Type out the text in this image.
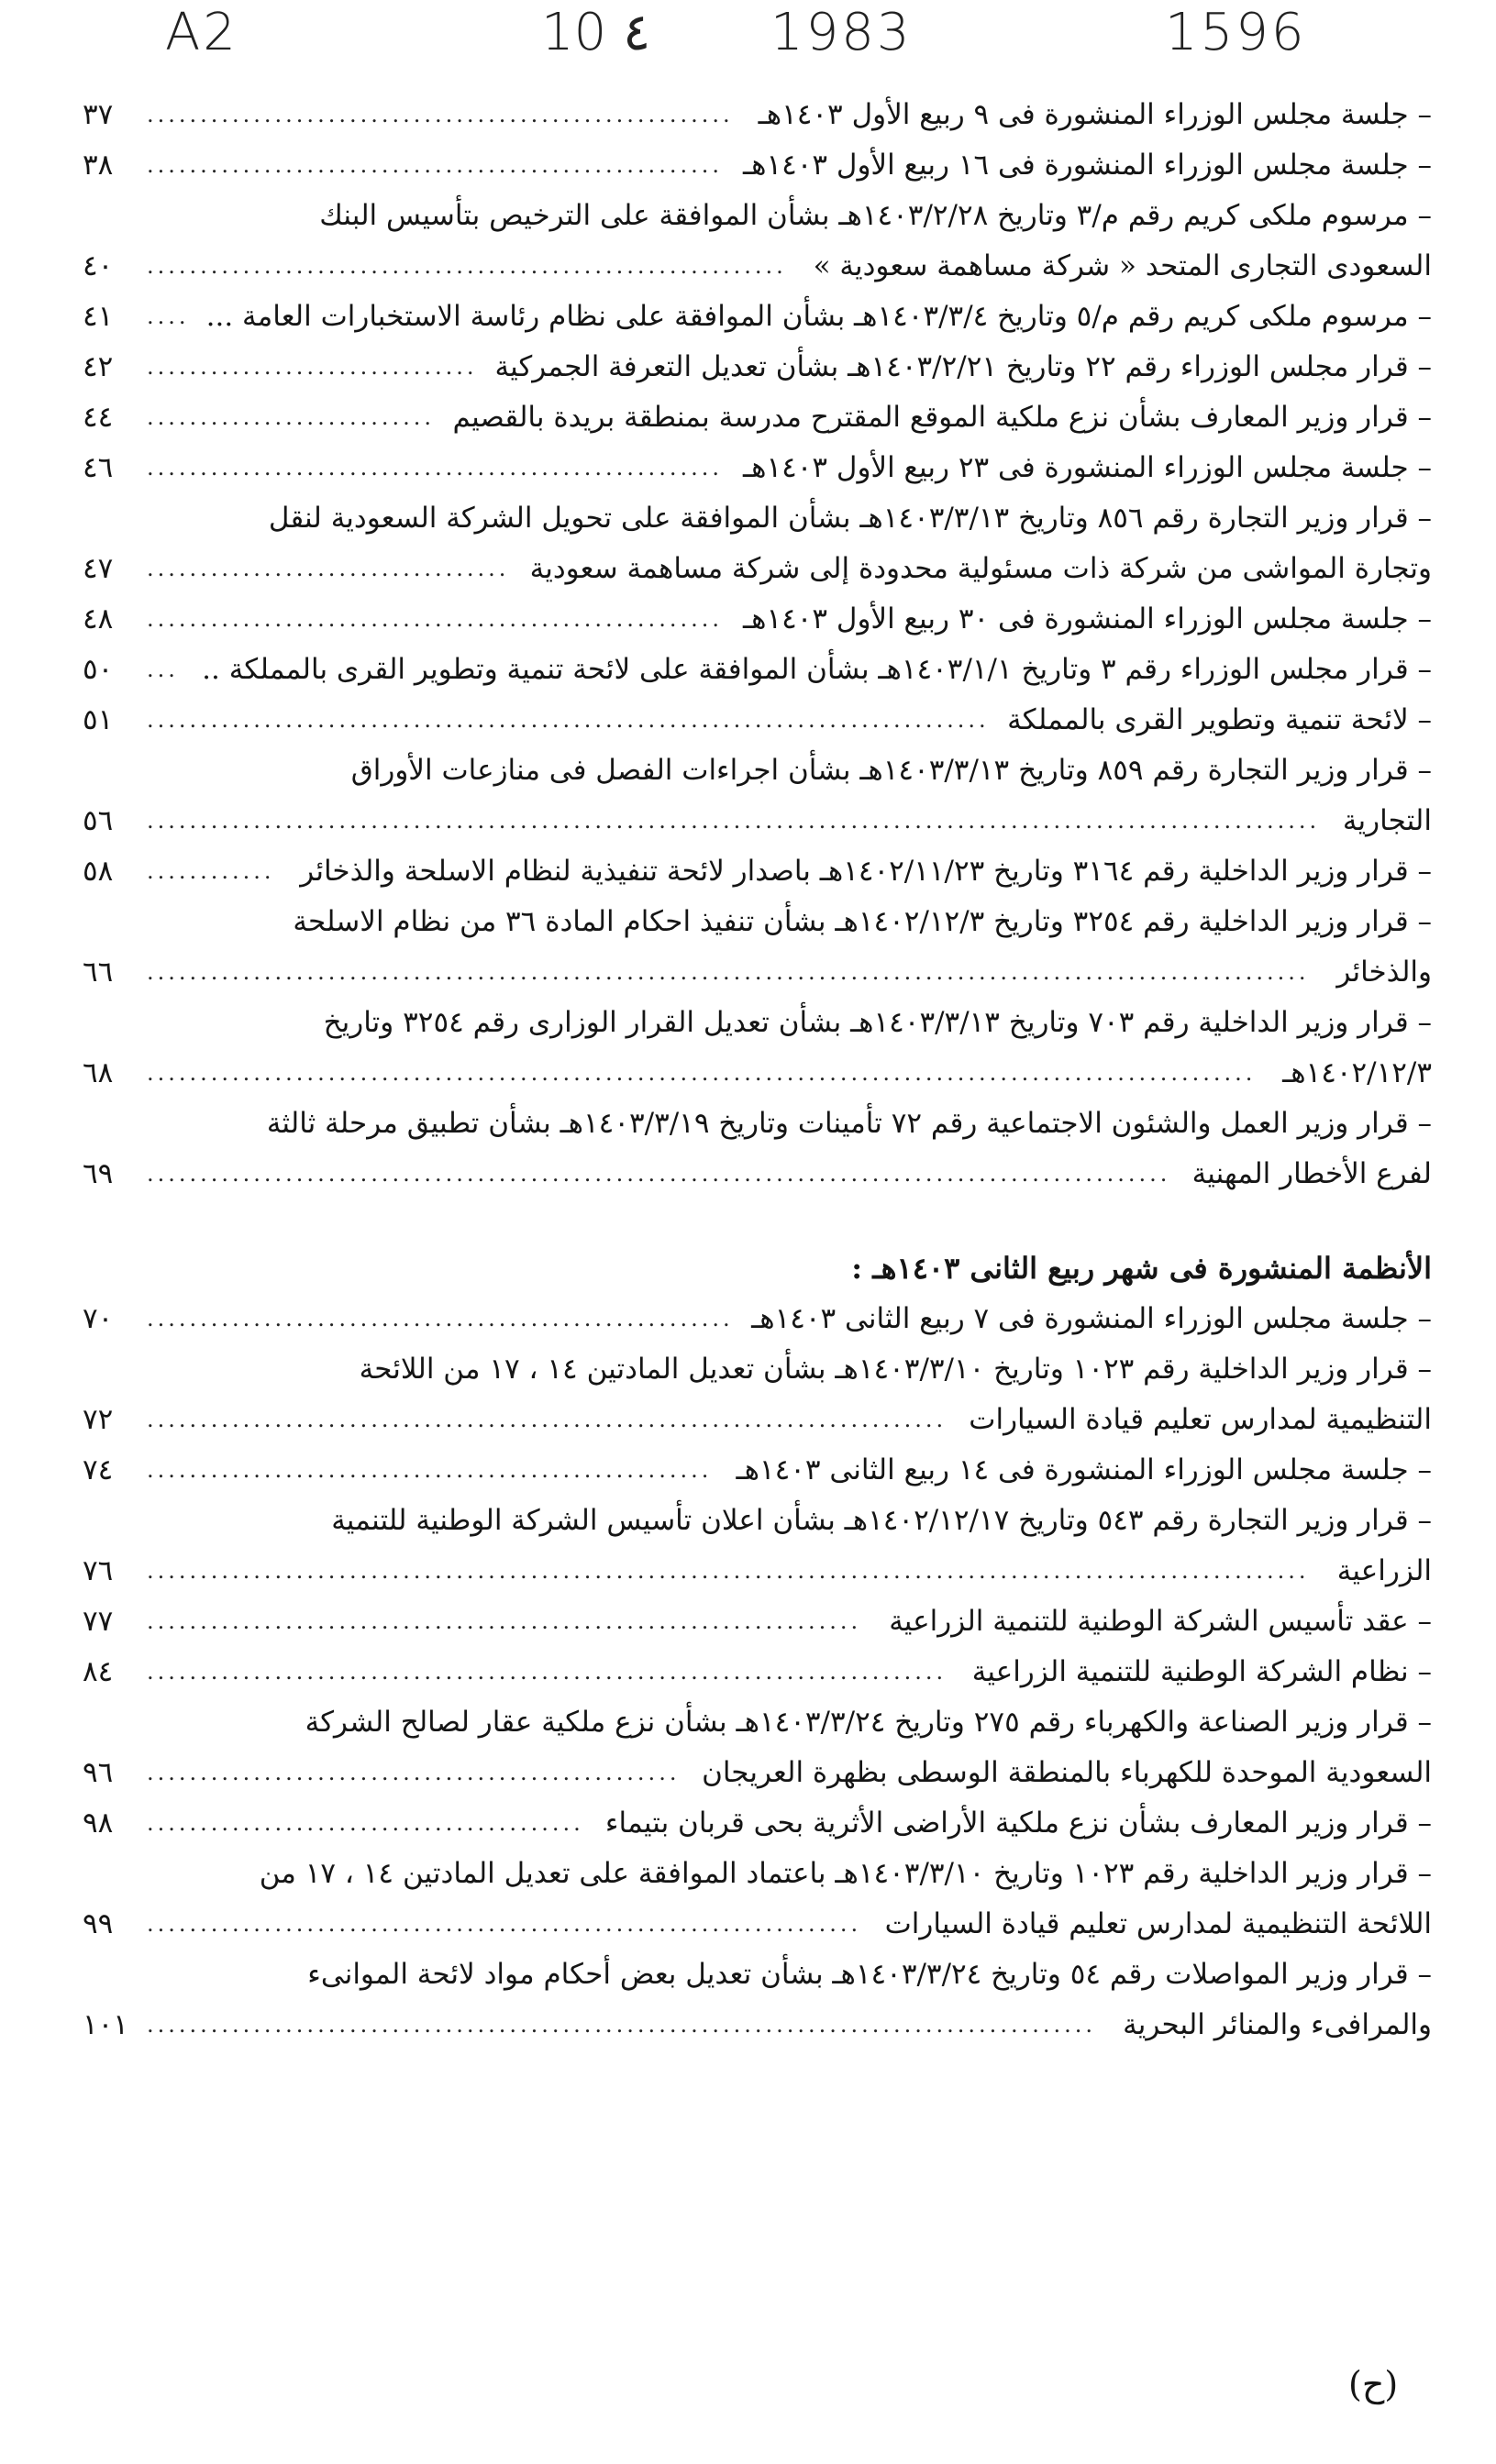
A2	10 ٤ 1983	1596
– جلسة مجلس الوزراء المنشورة فى ٩ ربيع الأول ١٤٠٣هـ
.......................................................
٣٧
– جلسة مجلس الوزراء المنشورة فى ١٦ ربيع الأول ١٤٠٣هـ
......................................................
٣٨
– مرسوم ملكى كريم رقم م/٣ وتاريخ ١٤٠٣/٢/٢٨هـ بشأن الموافقة على الترخيص بتأسيس البنك
السعودى التجارى المتحد « شركة مساهمة سعودية »
............................................................
٤٠
– مرسوم ملكى كريم رقم م/٥ وتاريخ ١٤٠٣/٣/٤هـ بشأن الموافقة على نظام رئاسة الاستخبارات العامة ...
....
٤١
– قرار مجلس الوزراء رقم ٢٢ وتاريخ ١٤٠٣/٢/٢١هـ بشأن تعديل التعرفة الجمركية
...............................
٤٢
– قرار وزير المعارف بشأن نزع ملكية الموقع المقترح مدرسة بمنطقة بريدة بالقصيم
...........................
٤٤
– جلسة مجلس الوزراء المنشورة فى ٢٣ ربيع الأول ١٤٠٣هـ
......................................................
٤٦
– قرار وزير التجارة رقم ٨٥٦ وتاريخ ١٤٠٣/٣/١٣هـ بشأن الموافقة على تحويل الشركة السعودية لنقل
وتجارة المواشى من شركة ذات مسئولية محدودة إلى شركة مساهمة سعودية
..................................
٤٧
– جلسة مجلس الوزراء المنشورة فى ٣٠ ربيع الأول ١٤٠٣هـ
......................................................
٤٨
– قرار مجلس الوزراء رقم ٣ وتاريخ ١٤٠٣/١/١هـ بشأن الموافقة على لائحة تنمية وتطوير القرى بالمملكة ..
...
٥٠
– لائحة تنمية وتطوير القرى بالمملكة
...............................................................................
٥١
– قرار وزير التجارة رقم ٨٥٩ وتاريخ ١٤٠٣/٣/١٣هـ بشأن اجراءات الفصل فى منازعات الأوراق
التجارية
..............................................................................................................
٥٦
– قرار وزير الداخلية رقم ٣١٦٤ وتاريخ ١٤٠٢/١١/٢٣هـ باصدار لائحة تنفيذية لنظام الاسلحة والذخائر
............
٥٨
– قرار وزير الداخلية رقم ٣٢٥٤ وتاريخ ١٤٠٢/١٢/٣هـ بشأن تنفيذ احكام المادة ٣٦ من نظام الاسلحة
والذخائر
.............................................................................................................
٦٦
– قرار وزير الداخلية رقم ٧٠٣ وتاريخ ١٤٠٣/٣/١٣هـ بشأن تعديل القرار الوزارى رقم ٣٢٥٤ وتاريخ
١٤٠٢/١٢/٣هـ
........................................................................................................
٦٨
– قرار وزير العمل والشئون الاجتماعية رقم ٧٢ تأمينات وتاريخ ١٤٠٣/٣/١٩هـ بشأن تطبيق مرحلة ثالثة
لفرع الأخطار المهنية
................................................................................................
٦٩
الأنظمة المنشورة فى شهر ربيع الثانى ١٤٠٣هـ :
– جلسة مجلس الوزراء المنشورة فى ٧ ربيع الثانى ١٤٠٣هـ
.......................................................
٧٠
– قرار وزير الداخلية رقم ١٠٢٣ وتاريخ ١٤٠٣/٣/١٠هـ بشأن تعديل المادتين ١٤ ، ١٧ من اللائحة
التنظيمية لمدارس تعليم قيادة السيارات
...........................................................................
٧٢
– جلسة مجلس الوزراء المنشورة فى ١٤ ربيع الثانى ١٤٠٣هـ
.....................................................
٧٤
– قرار وزير التجارة رقم ٥٤٣ وتاريخ ١٤٠٢/١٢/١٧هـ بشأن اعلان تأسيس الشركة الوطنية للتنمية
الزراعية
.............................................................................................................
٧٦
– عقد تأسيس الشركة الوطنية للتنمية الزراعية
...................................................................
٧٧
– نظام الشركة الوطنية للتنمية الزراعية
...........................................................................
٨٤
– قرار وزير الصناعة والكهرباء رقم ٢٧٥ وتاريخ ١٤٠٣/٣/٢٤هـ بشأن نزع ملكية عقار لصالح الشركة
السعودية الموحدة للكهرباء بالمنطقة الوسطى بظهرة العريجان
..................................................
٩٦
– قرار وزير المعارف بشأن نزع ملكية الأراضى الأثرية بحى قربان بتيماء
.........................................
٩٨
– قرار وزير الداخلية رقم ١٠٢٣ وتاريخ ١٤٠٣/٣/١٠هـ باعتماد الموافقة على تعديل المادتين ١٤ ، ١٧ من
اللائحة التنظيمية لمدارس تعليم قيادة السيارات
...................................................................
٩٩
– قرار وزير المواصلات رقم ٥٤ وتاريخ ١٤٠٣/٣/٢٤هـ بشأن تعديل بعض أحكام مواد لائحة الموانىء
والمرافىء والمنائر البحرية
.........................................................................................
١٠١
(ح)
